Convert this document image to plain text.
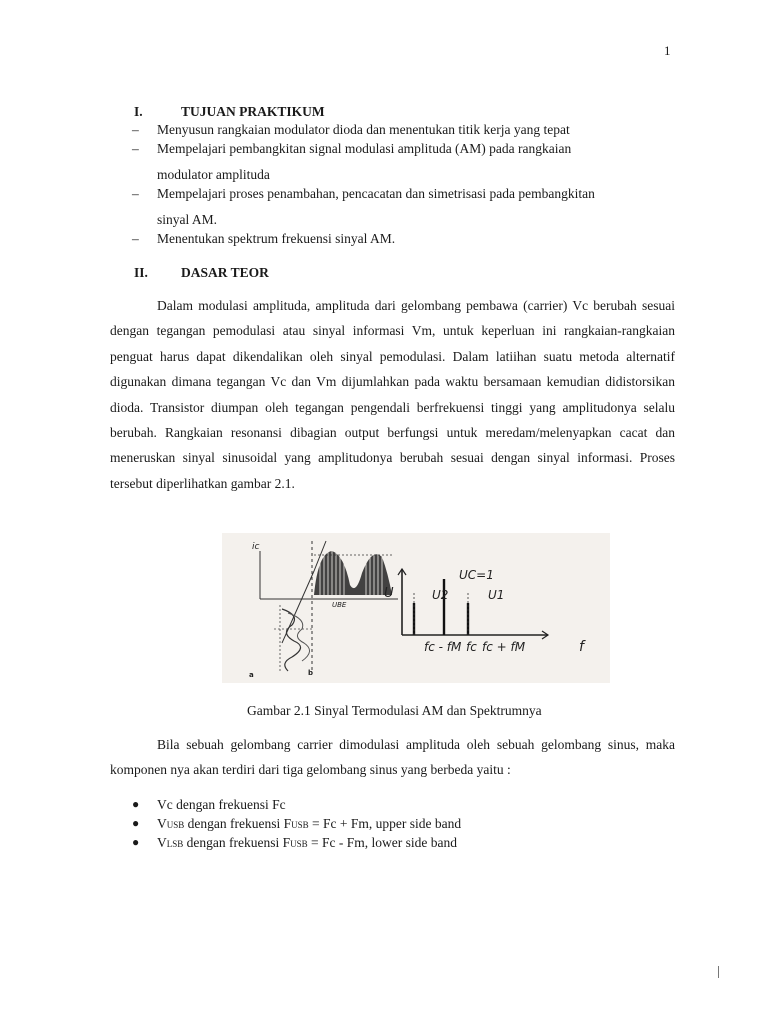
1
I.	TUJUAN PRAKTIKUM
– Menyusun rangkaian modulator dioda dan menentukan titik kerja yang tepat
– Mempelajari pembangkitan signal modulasi amplituda (AM) pada rangkaian
modulator amplituda
– Mempelajari proses penambahan, pencacatan dan simetrisasi pada pembangkitan
sinyal AM.
– Menentukan spektrum frekuensi sinyal AM.
II. DASAR TEOR

Dalam modulasi amplituda, amplituda dari gelombang pembawa (carrier) Vc berubah sesuai dengan tegangan pemodulasi atau sinyal informasi Vm, untuk keperluan ini rangkaian-rangkaian penguat harus dapat dikendalikan oleh sinyal pemodulasi. Dalam latiihan suatu metoda alternatif digunakan dimana tegangan Vc dan Vm dijumlahkan pada waktu bersamaan kemudian didistorsikan dioda. Transistor diumpan oleh tegangan pengendali berfrekuensi tinggi yang amplitudonya selalu berubah. Rangkaian resonansi dibagian output berfungsi untuk meredam/melenyapkan cacat dan meneruskan sinyal sinusoidal yang amplitudonya berubah sesuai dengan sinyal informasi. Proses tersebut diperlihatkan gambar 2.1.

ic
UBE
U	U2
UC=1
U1
f
fc - fM fc fc + fM
a	b
Gambar 2.1 Sinyal Termodulasi AM dan Spektrumnya

Bila sebuah gelombang carrier dimodulasi amplituda oleh sebuah gelombang sinus, maka komponen nya akan terdiri dari tiga gelombang sinus yang berbeda yaitu :

● Vc dengan frekuensi Fc
● VUSB dengan frekuensi FUSB = Fc + Fm, upper side band
● VLSB dengan frekuensi FUSB = Fc - Fm, lower side band
